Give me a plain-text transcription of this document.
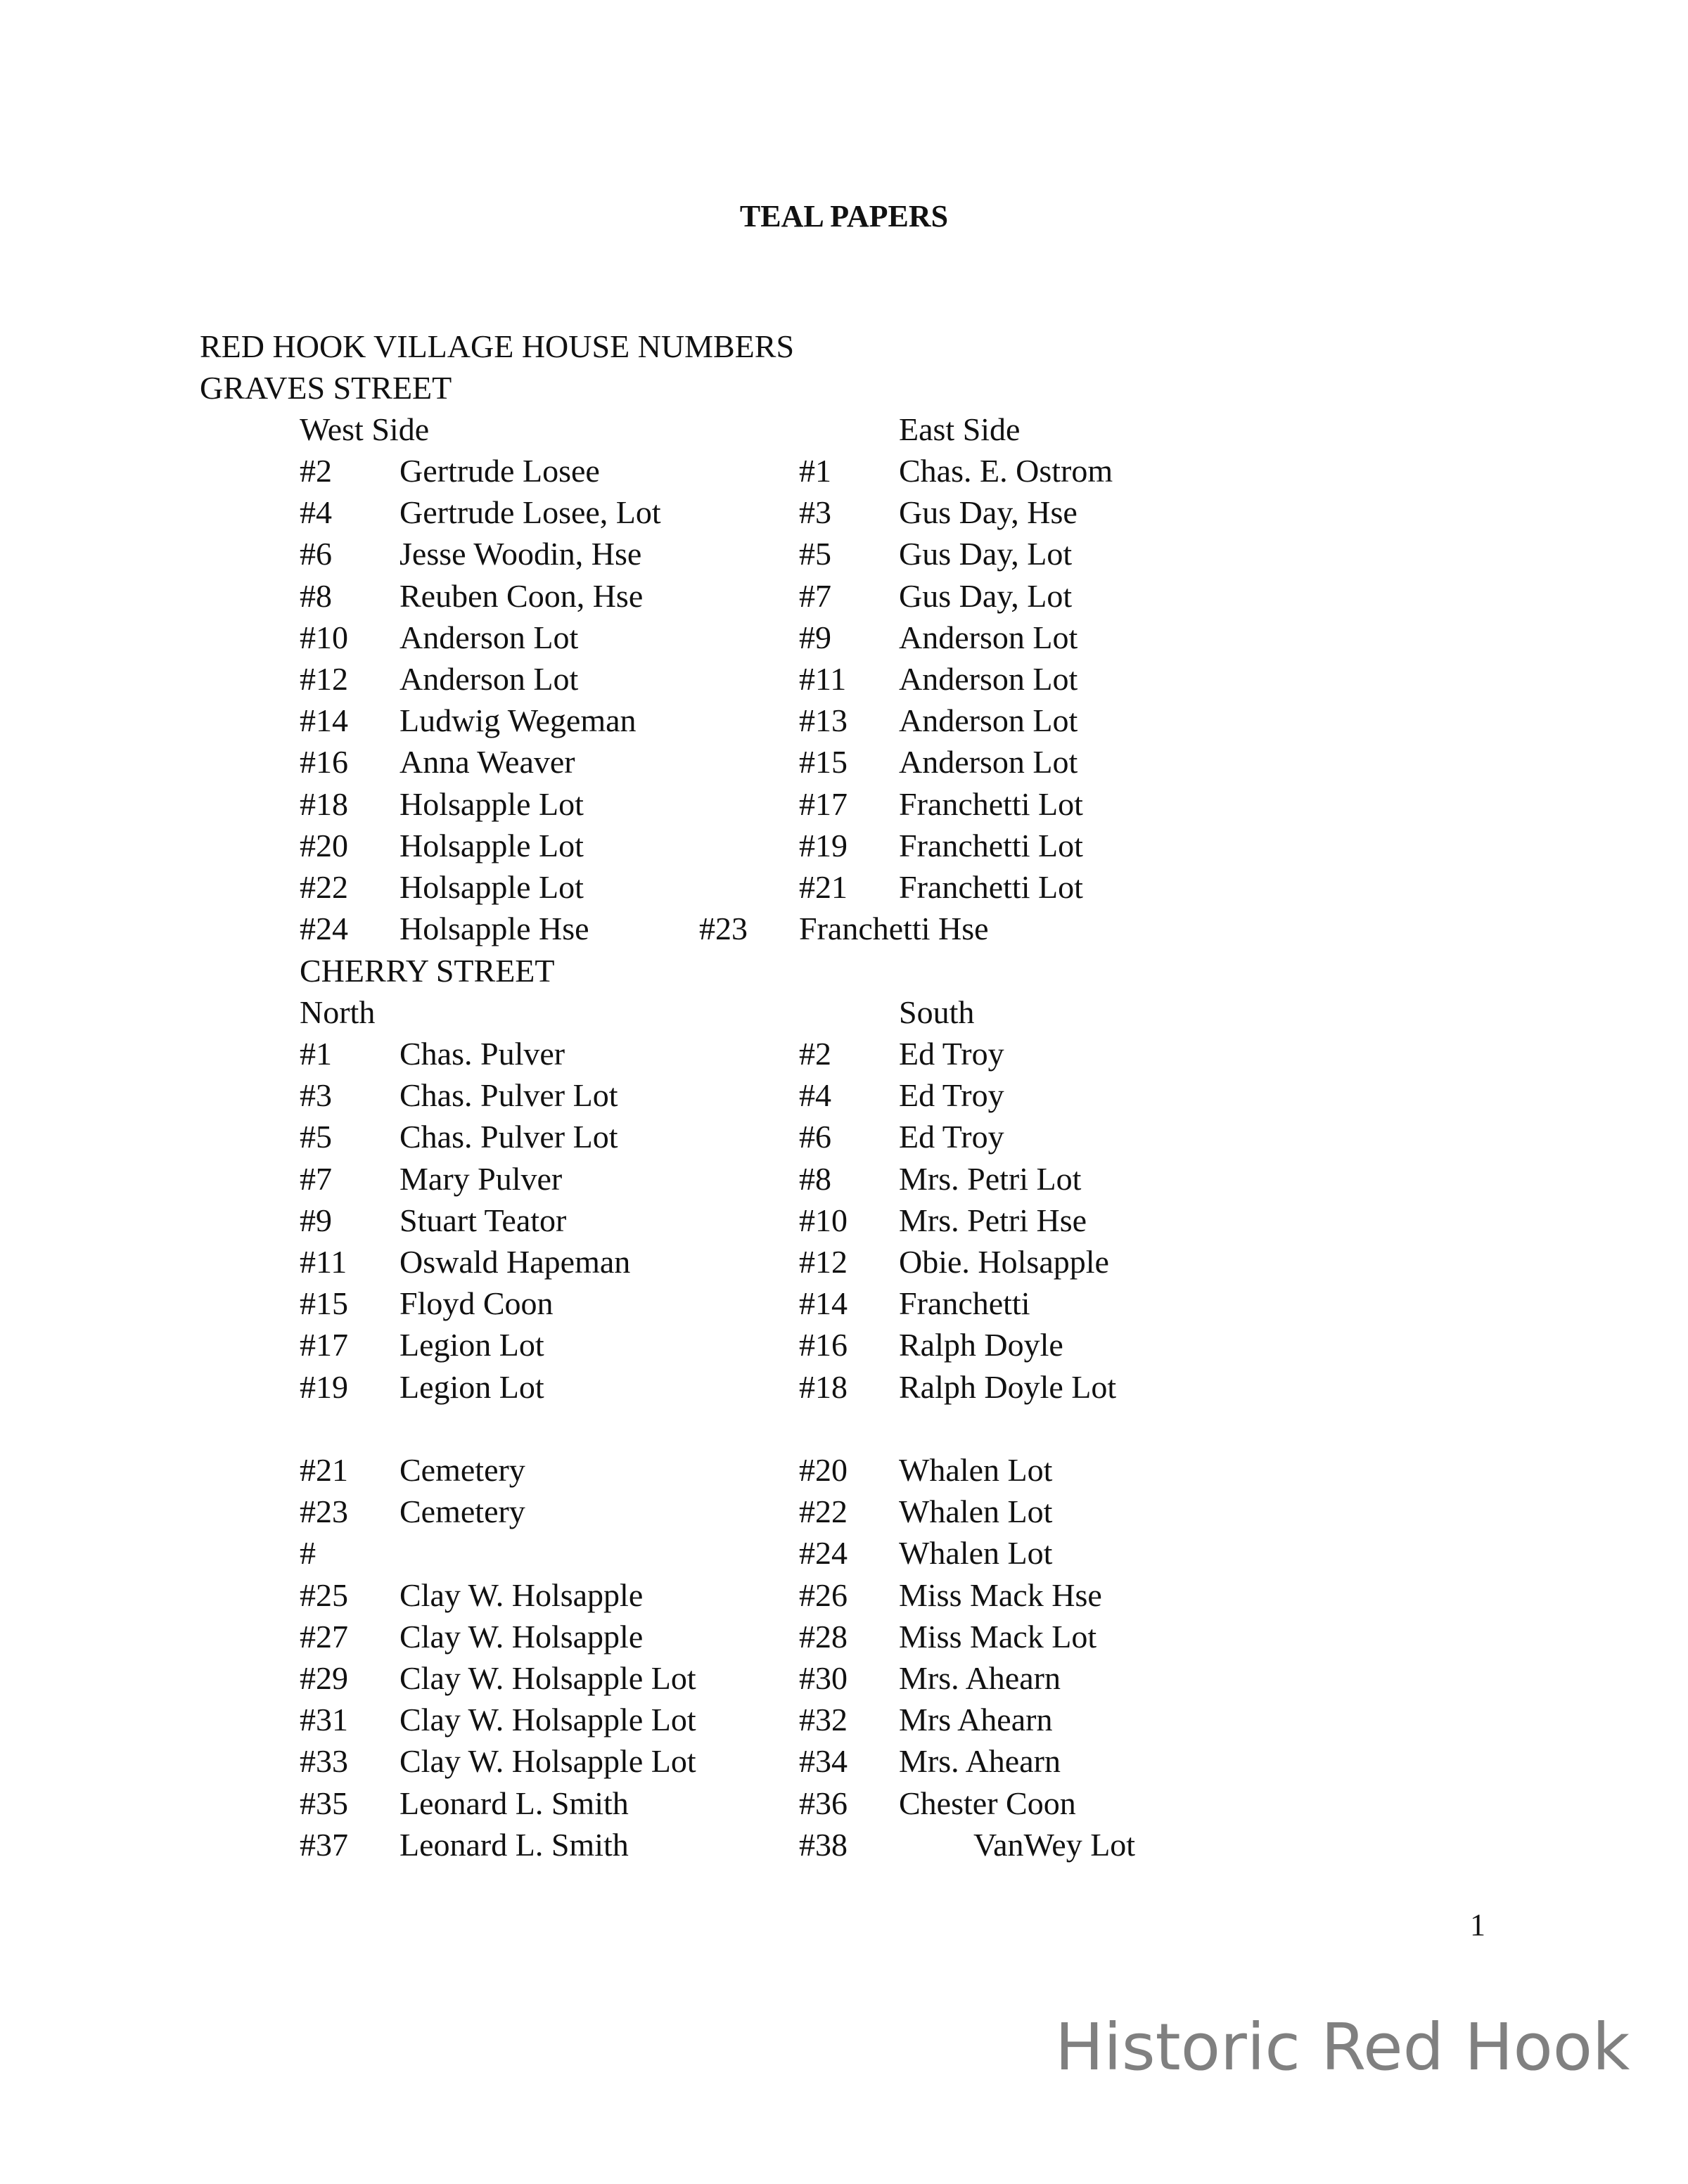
TEAL PAPERS
RED HOOK VILLAGE HOUSE NUMBERS
GRAVES STREET
West Side	East Side
#2 Gertrude Losee	#1 Chas. E. Ostrom
#4 Gertrude Losee, Lot	#3 Gus Day, Hse
#6 Jesse Woodin, Hse	#5 Gus Day, Lot
#8 Reuben Coon, Hse	#7 Gus Day, Lot
#10 Anderson Lot	#9 Anderson Lot
#12 Anderson Lot	#11 Anderson Lot
#14 Ludwig Wegeman	#13 Anderson Lot
#16 Anna Weaver	#15 Anderson Lot
#18 Holsapple Lot	#17 Franchetti Lot
#20 Holsapple Lot	#19 Franchetti Lot
#22 Holsapple Lot	#21 Franchetti Lot
#24 Holsapple Hse	#23 Franchetti Hse
CHERRY STREET
North	South
#1 Chas. Pulver	#2 Ed Troy
#3 Chas. Pulver Lot	#4 Ed Troy
#5 Chas. Pulver Lot	#6 Ed Troy
#7 Mary Pulver	#8 Mrs. Petri Lot
#9 Stuart Teator	#10 Mrs. Petri Hse
#11 Oswald Hapeman	#12 Obie. Holsapple
#15 Floyd Coon	#14 Franchetti
#17 Legion Lot	#16 Ralph Doyle
#19 Legion Lot	#18 Ralph Doyle Lot
#21 Cemetery	#20 Whalen Lot
#23 Cemetery	#22 Whalen Lot
#	#24 Whalen Lot
#25 Clay W. Holsapple	#26 Miss Mack Hse
#27 Clay W. Holsapple	#28 Miss Mack Lot
#29 Clay W. Holsapple Lot	#30 Mrs. Ahearn
#31 Clay W. Holsapple Lot	#32 Mrs Ahearn
#33 Clay W. Holsapple Lot	#34 Mrs. Ahearn
#35 Leonard L. Smith	#36 Chester Coon
#37 Leonard L. Smith	#38	VanWey Lot
1
Historic Red Hook
